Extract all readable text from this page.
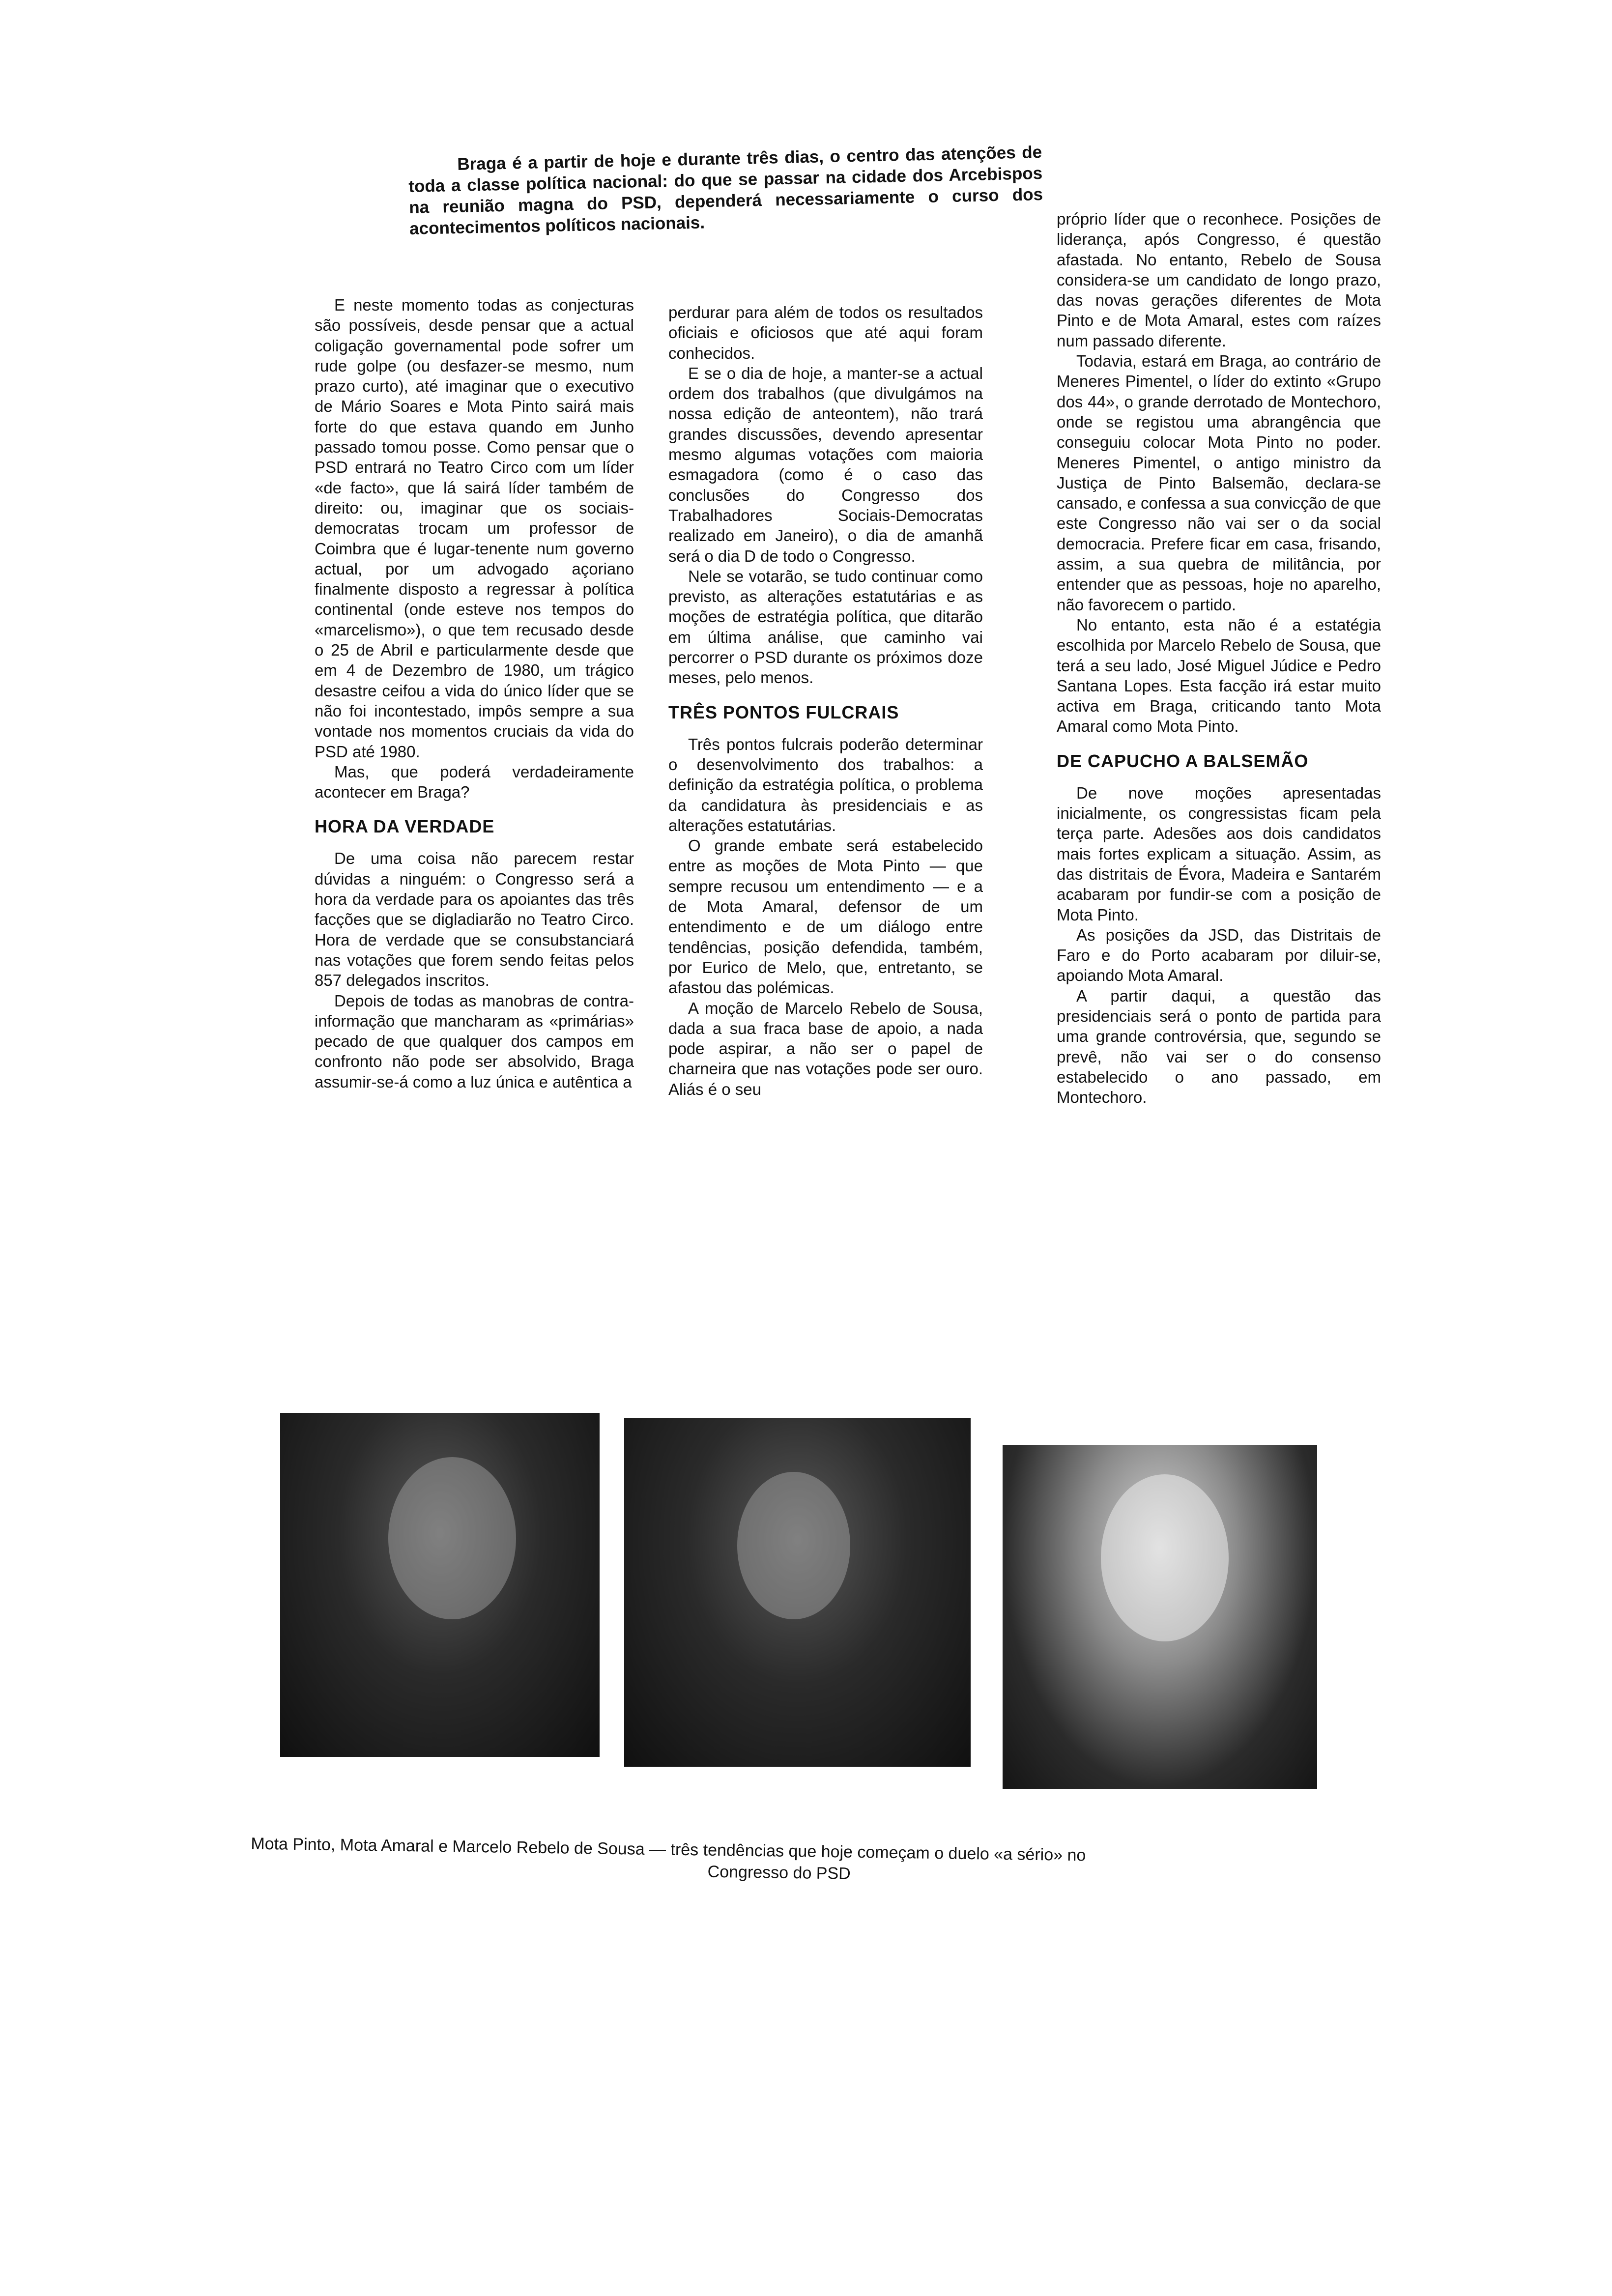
Braga é a partir de hoje e durante três dias, o centro das atenções de toda a classe política nacional: do que se passar na cidade dos Arcebispos na reunião magna do PSD, dependerá necessariamente o curso dos acontecimentos políticos nacionais.

E neste momento todas as conjecturas são possíveis, desde pensar que a actual coligação governamental pode sofrer um rude golpe (ou desfazer-se mesmo, num prazo curto), até imaginar que o executivo de Mário Soares e Mota Pinto sairá mais forte do que estava quando em Junho passado tomou posse. Como pensar que o PSD entrará no Teatro Circo com um líder «de facto», que lá sairá líder também de direito: ou, imaginar que os sociais-democratas trocam um professor de Coimbra que é lugar-tenente num governo actual, por um advogado açoriano finalmente disposto a regressar à política continental (onde esteve nos tempos do «marcelismo»), o que tem recusado desde o 25 de Abril e particularmente desde que em 4 de Dezembro de 1980, um trágico desastre ceifou a vida do único líder que se não foi incontestado, impôs sempre a sua vontade nos momentos cruciais da vida do PSD até 1980.

Mas, que poderá verdadeiramente acontecer em Braga?

HORA DA VERDADE

De uma coisa não parecem restar dúvidas a ninguém: o Congresso será a hora da verdade para os apoiantes das três facções que se digladiarão no Teatro Circo. Hora de verdade que se consubstanciará nas votações que forem sendo feitas pelos 857 delegados inscritos.

Depois de todas as manobras de contra-informação que mancharam as «primárias» pecado de que qualquer dos campos em confronto não pode ser absolvido, Braga assumir-se-á como a luz única e autêntica a

perdurar para além de todos os resultados oficiais e oficiosos que até aqui foram conhecidos.

E se o dia de hoje, a manter-se a actual ordem dos trabalhos (que divulgámos na nossa edição de anteontem), não trará grandes discussões, devendo apresentar mesmo algumas votações com maioria esmagadora (como é o caso das conclusões do Congresso dos Trabalhadores Sociais-Democratas realizado em Janeiro), o dia de amanhã será o dia D de todo o Congresso.

Nele se votarão, se tudo continuar como previsto, as alterações estatutárias e as moções de estratégia política, que ditarão em última análise, que caminho vai percorrer o PSD durante os próximos doze meses, pelo menos.

TRÊS PONTOS FULCRAIS

Três pontos fulcrais poderão determinar o desenvolvimento dos trabalhos: a definição da estratégia política, o problema da candidatura às presidenciais e as alterações estatutárias.

O grande embate será estabelecido entre as moções de Mota Pinto — que sempre recusou um entendimento — e a de Mota Amaral, defensor de um entendimento e de um diálogo entre tendências, posição defendida, também, por Eurico de Melo, que, entretanto, se afastou das polémicas.

A moção de Marcelo Rebelo de Sousa, dada a sua fraca base de apoio, a nada pode aspirar, a não ser o papel de charneira que nas votações pode ser ouro. Aliás é o seu

próprio líder que o reconhece. Posições de liderança, após Congresso, é questão afastada. No entanto, Rebelo de Sousa considera-se um candidato de longo prazo, das novas gerações diferentes de Mota Pinto e de Mota Amaral, estes com raízes num passado diferente.

Todavia, estará em Braga, ao contrário de Meneres Pimentel, o líder do extinto «Grupo dos 44», o grande derrotado de Montechoro, onde se registou uma abrangência que conseguiu colocar Mota Pinto no poder. Meneres Pimentel, o antigo ministro da Justiça de Pinto Balsemão, declara-se cansado, e confessa a sua convicção de que este Congresso não vai ser o da social democracia. Prefere ficar em casa, frisando, assim, a sua quebra de militância, por entender que as pessoas, hoje no aparelho, não favorecem o partido.

No entanto, esta não é a estatégia escolhida por Marcelo Rebelo de Sousa, que terá a seu lado, José Miguel Júdice e Pedro Santana Lopes. Esta facção irá estar muito activa em Braga, criticando tanto Mota Amaral como Mota Pinto.

DE CAPUCHO A BALSEMÃO

De nove moções apresentadas inicialmente, os congressistas ficam pela terça parte. Adesões aos dois candidatos mais fortes explicam a situação. Assim, as das distritais de Évora, Madeira e Santarém acabaram por fundir-se com a posição de Mota Pinto.

As posições da JSD, das Distritais de Faro e do Porto acabaram por diluir-se, apoiando Mota Amaral.

A partir daqui, a questão das presidenciais será o ponto de partida para uma grande controvérsia, que, segundo se prevê, não vai ser o do consenso estabelecido o ano passado, em Montechoro.

Mota Pinto, Mota Amaral e Marcelo Rebelo de Sousa — três tendências que hoje começam o duelo «a sério» no
Congresso do PSD
